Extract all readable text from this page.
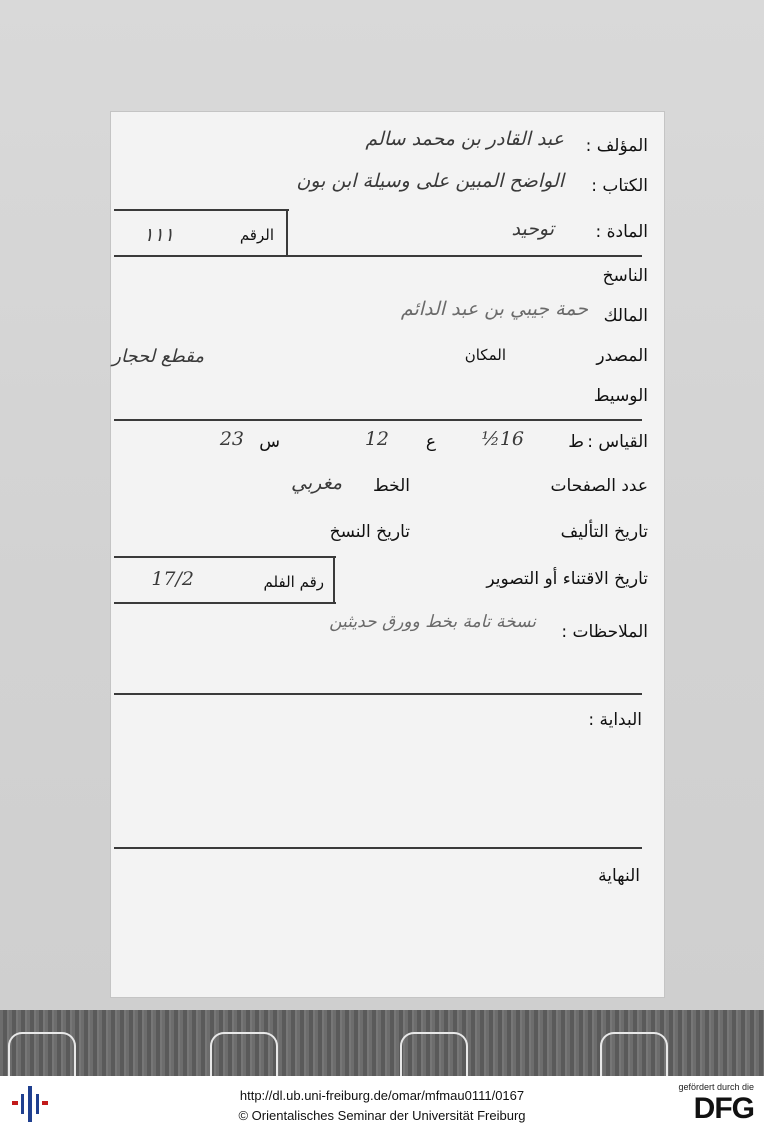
المؤلف :
عبد القادر بن محمد سالم
الكتاب :
الواضح المبين على وسيلة ابن بون
المادة :
توحيد
الرقم
١١١
الناسخ
المالك
حمة جيبي بن عبد الدائم
المصدر
المكان
مقطع لحجار
الوسيط
القياس :
ط
16½
ع
12
س
23
عدد الصفحات
الخط
مغربي
تاريخ التأليف
تاريخ النسخ
تاريخ الاقتناء أو التصوير
رقم الفلم
17/2
الملاحظات :
نسخة تامة بخط وورق حديثين
البداية :
النهاية
http://dl.ub.uni-freiburg.de/omar/mfmau0111/0167
© Orientalisches Seminar der Universität Freiburg
gefördert durch die
DFG
